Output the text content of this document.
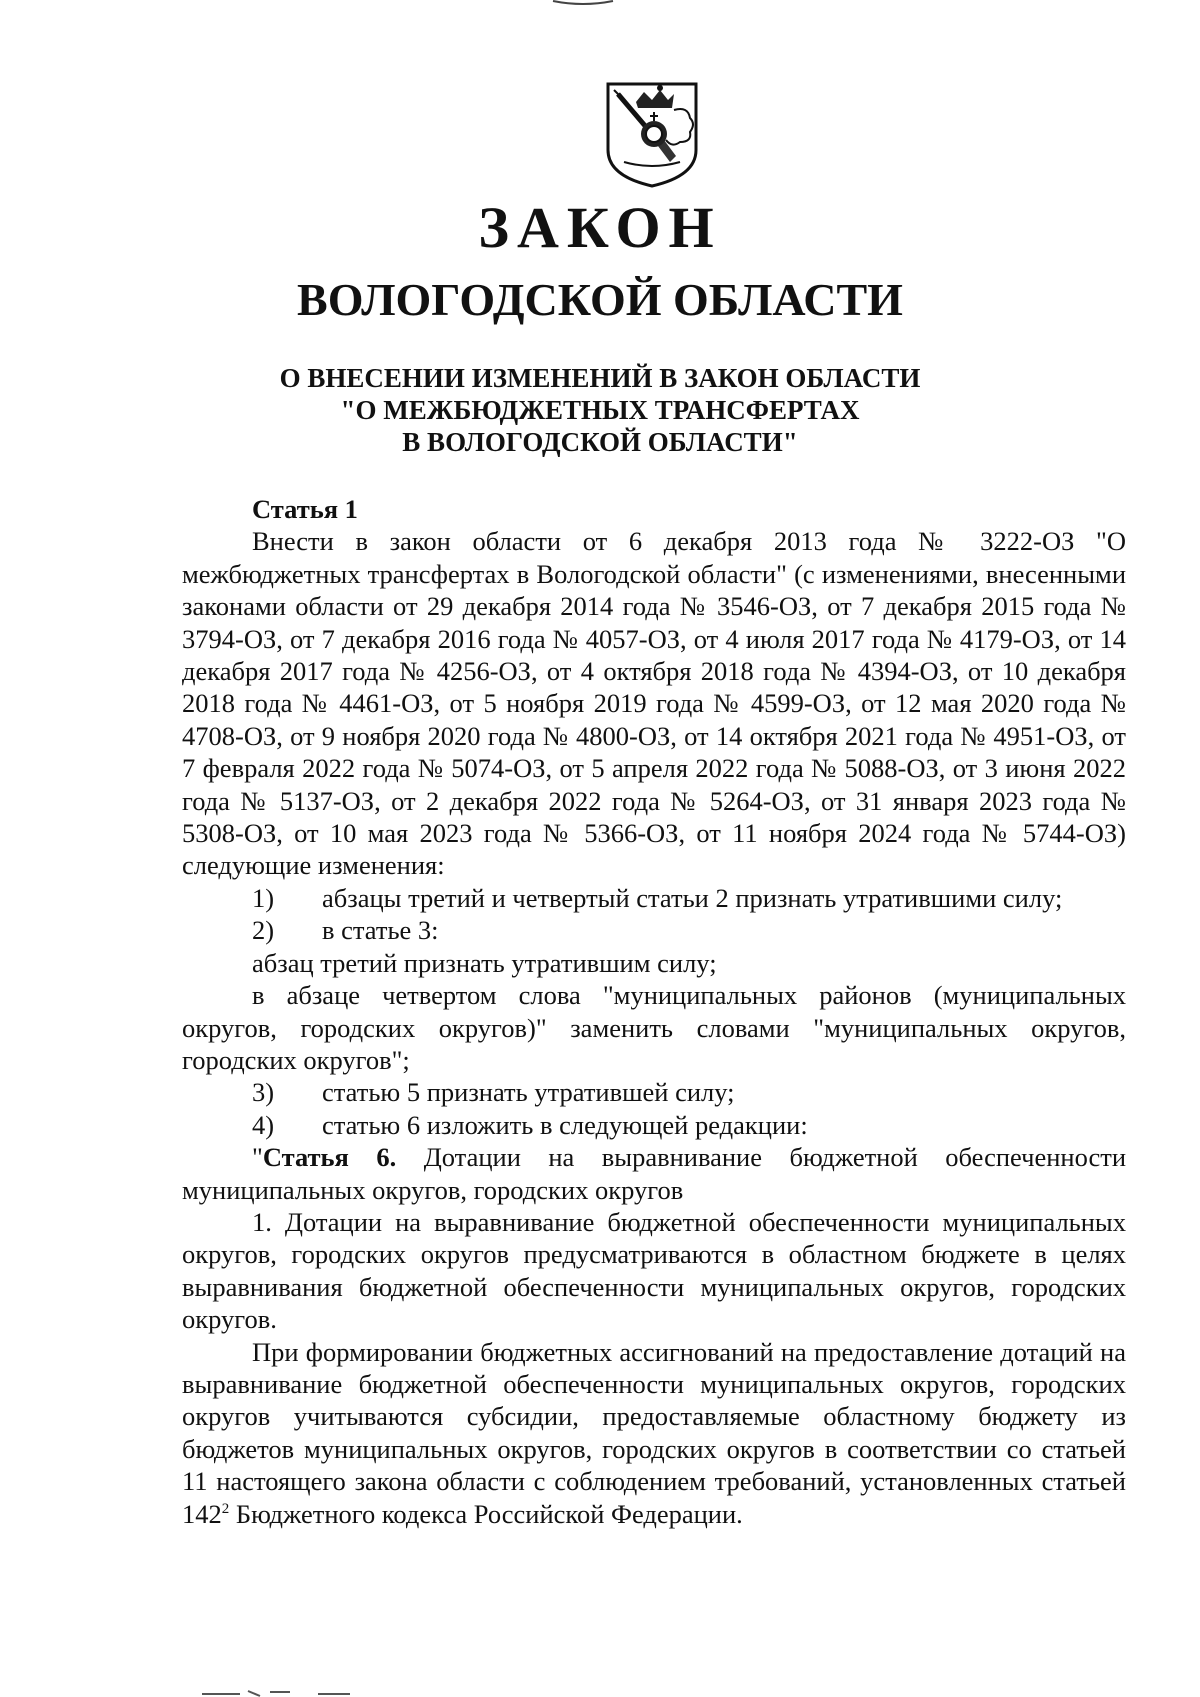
ЗАКОН
ВОЛОГОДСКОЙ ОБЛАСТИ
О ВНЕСЕНИИ ИЗМЕНЕНИЙ В ЗАКОН ОБЛАСТИ
"О МЕЖБЮДЖЕТНЫХ ТРАНСФЕРТАХ
В ВОЛОГОДСКОЙ ОБЛАСТИ"

Статья 1

Внести в закон области от 6 декабря 2013 года № 3222-ОЗ "О межбюджетных трансфертах в Вологодской области" (с изменениями, внесенными законами области от 29 декабря 2014 года № 3546-ОЗ, от 7 декабря 2015 года № 3794-ОЗ, от 7 декабря 2016 года № 4057-ОЗ, от 4 июля 2017 года № 4179-ОЗ, от 14 декабря 2017 года № 4256-ОЗ, от 4 октября 2018 года № 4394-ОЗ, от 10 декабря 2018 года № 4461-ОЗ, от 5 ноября 2019 года № 4599-ОЗ, от 12 мая 2020 года № 4708-ОЗ, от 9 ноября 2020 года № 4800-ОЗ, от 14 октября 2021 года № 4951-ОЗ, от 7 февраля 2022 года № 5074-ОЗ, от 5 апреля 2022 года № 5088-ОЗ, от 3 июня 2022 года № 5137-ОЗ, от 2 декабря 2022 года № 5264-ОЗ, от 31 января 2023 года № 5308-ОЗ, от 10 мая 2023 года № 5366-ОЗ, от 11 ноября 2024 года № 5744-ОЗ) следующие изменения:

1)	абзацы третий и четвертый статьи 2 признать утратившими силу;
2)	в статье 3:

абзац третий признать утратившим силу;

в абзаце четвертом слова "муниципальных районов (муниципальных округов, городских округов)" заменить словами "муниципальных округов, городских округов";

3)	статью 5 признать утратившей силу;
4)	статью 6 изложить в следующей редакции:

"Статья 6. Дотации на выравнивание бюджетной обеспеченности муниципальных округов, городских округов

1. Дотации на выравнивание бюджетной обеспеченности муниципальных округов, городских округов предусматриваются в областном бюджете в целях выравнивания бюджетной обеспеченности муниципальных округов, городских округов.

При формировании бюджетных ассигнований на предоставление дотаций на выравнивание бюджетной обеспеченности муниципальных округов, городских округов учитываются субсидии, предоставляемые областному бюджету из бюджетов муниципальных округов, городских округов в соответствии со статьей 11 настоящего закона области с соблюдением требований, установленных статьей $142^2$ Бюджетного кодекса Российской Федерации.
